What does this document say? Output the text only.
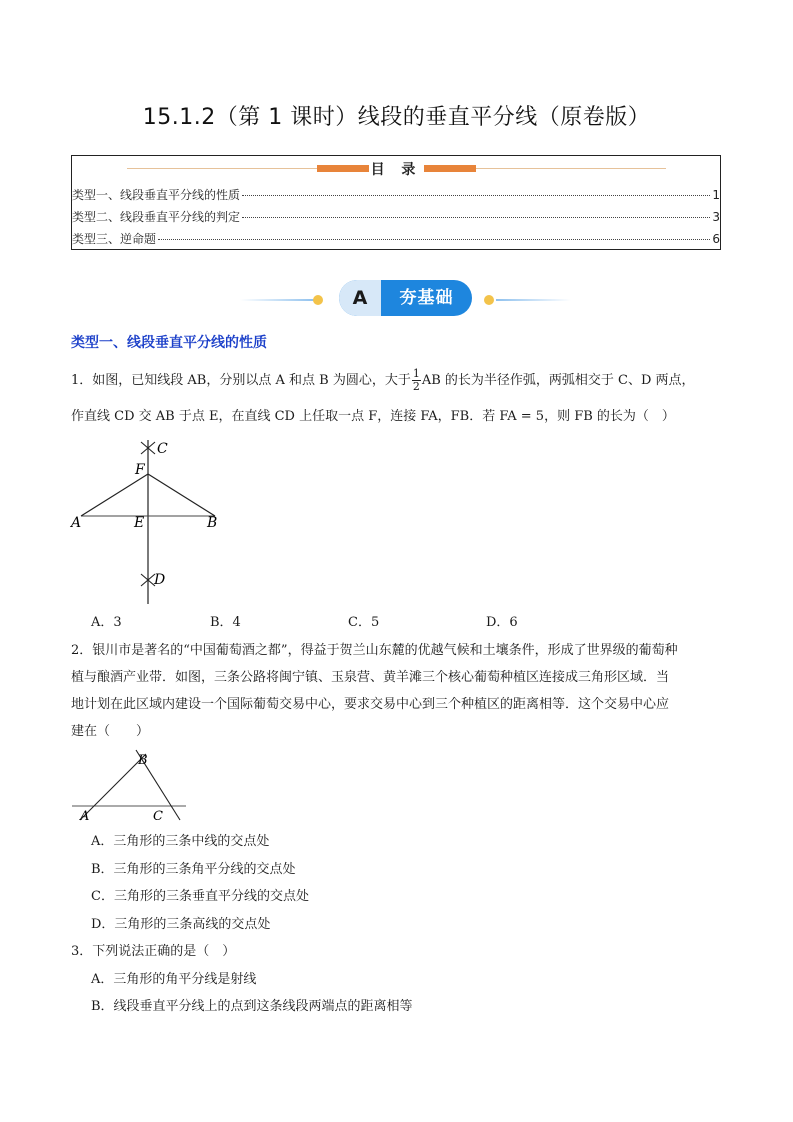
15.1.2（第 1 课时）线段的垂直平分线（原卷版）
目 录
类型一、线段垂直平分线的性质	1
类型二、线段垂直平分线的判定	3
类型三、逆命题	6
A	夯基础
类型一、线段垂直平分线的性质
1．如图，已知线段 AB，分别以点 A 和点 B 为圆心，大于 $\frac{1}{2}$ AB 的长为半径作弧，两弧相交于 C、D 两点，
作直线 CD 交 AB 于点 E，在直线 CD 上任取一点 F，连接 FA，FB．若 FA = 5，则 FB 的长为（　）
C
F
A	E	B
D
A．3	B．4	C．5	D．6
2．银川市是著名的“中国葡萄酒之都”，得益于贺兰山东麓的优越气候和土壤条件，形成了世界级的葡萄种
植与酿酒产业带．如图，三条公路将闽宁镇、玉泉营、黄羊滩三个核心葡萄种植区连接成三角形区域．当
地计划在此区域内建设一个国际葡萄交易中心，要求交易中心到三个种植区的距离相等．这个交易中心应
建在（　　）
B
A	C
A．三角形的三条中线的交点处
B．三角形的三条角平分线的交点处
C．三角形的三条垂直平分线的交点处
D．三角形的三条高线的交点处
3．下列说法正确的是（　）
A．三角形的角平分线是射线
B．线段垂直平分线上的点到这条线段两端点的距离相等
